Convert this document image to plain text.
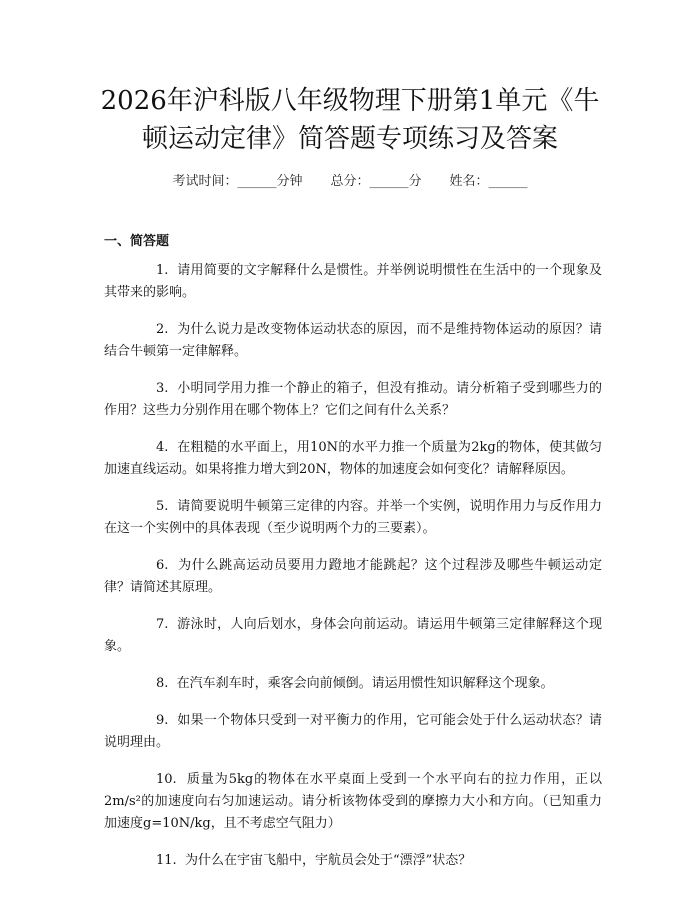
2026年沪科版八年级物理下册第1单元《牛顿运动定律》简答题专项练习及答案
考试时间：______分钟 总分：______分 姓名：______
一、简答题
1. 请用简要的文字解释什么是惯性。并举例说明惯性在生活中的一个现象及其带来的影响。
2. 为什么说力是改变物体运动状态的原因，而不是维持物体运动的原因？请结合牛顿第一定律解释。
3. 小明同学用力推一个静止的箱子，但没有推动。请分析箱子受到哪些力的作用？这些力分别作用在哪个物体上？它们之间有什么关系？
4. 在粗糙的水平面上，用10N的水平力推一个质量为2kg的物体，使其做匀加速直线运动。如果将推力增大到20N，物体的加速度会如何变化？请解释原因。
5. 请简要说明牛顿第三定律的内容。并举一个实例，说明作用力与反作用力在这一个实例中的具体表现（至少说明两个力的三要素）。
6. 为什么跳高运动员要用力蹬地才能跳起？这个过程涉及哪些牛顿运动定律？请简述其原理。
7. 游泳时，人向后划水，身体会向前运动。请运用牛顿第三定律解释这个现象。
8. 在汽车刹车时，乘客会向前倾倒。请运用惯性知识解释这个现象。
9. 如果一个物体只受到一对平衡力的作用，它可能会处于什么运动状态？请说明理由。
10. 质量为5kg的物体在水平桌面上受到一个水平向右的拉力作用，正以2m/s²的加速度向右匀加速运动。请分析该物体受到的摩擦力大小和方向。（已知重力加速度g=10N/kg，且不考虑空气阻力）
11. 为什么在宇宙飞船中，宇航员会处于“漂浮”状态？
